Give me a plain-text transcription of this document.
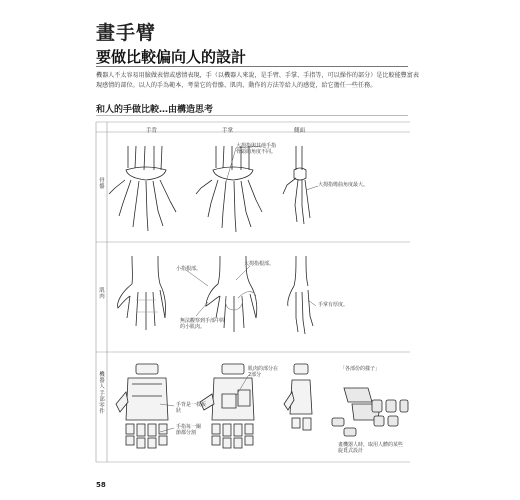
畫手臂
要做比較偏向人的設計
機器人不太容易用臉做表情或感情表現，手（以機器人來說，是手臂、手掌、手指等，可以操作的部分）是比較能豐富表
現感情的部位。以人的手為範本，考量它的骨骼、肌肉、動作的方法等給人的感覺，給它擔任一些任務。
和人的手做比較…由構造思考
手背	手掌	側面
骨骼
肌肉
機器人手部零件
大拇指與其他手指
骨頭的角度不同。
大拇指彎曲角度最大。
小指根部。
大拇指根部。
無法觀察到手部中間
的小肌肉。
手掌有厚度。
肌肉的部分在
2部分
手背是一枚板
狀
手指每一關
節都分割
「各部份的樣子」
畫機器人時，取用人體的某些
旋覓式設計
58
